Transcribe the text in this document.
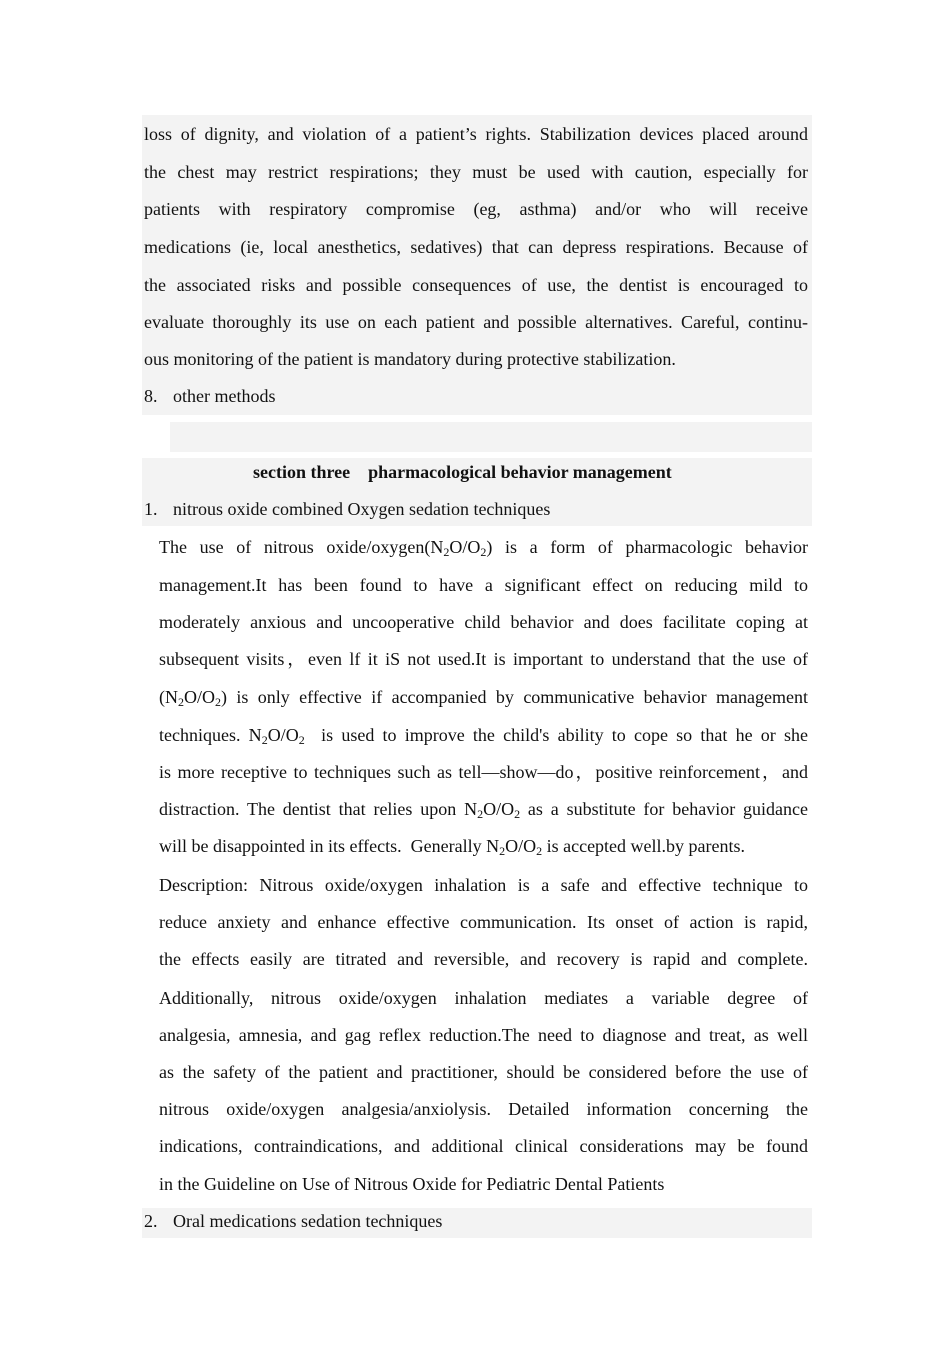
loss of dignity, and violation of a patient’s rights. Stabilization devices placed around
the chest may restrict respirations; they must be used with caution, especially for
patients with respiratory compromise (eg, asthma) and/or who will receive
medications (ie, local anesthetics, sedatives) that can depress respirations. Because of
the associated risks and possible consequences of use, the dentist is encouraged to
evaluate thoroughly its use on each patient and possible alternatives. Careful, continu-
ous monitoring of the patient is mandatory during protective stabilization.
8. other methods
section three    pharmacological behavior management
1. nitrous oxide combined Oxygen sedation techniques
The use of nitrous oxide/$oxygen(N_2O/O_2)$ is a form of pharmacologic behavior
management.It has been found to have a significant effect on reducing mild to
moderately anxious and uncooperative child behavior and does facilitate coping at
subsequent visits，even lf it iS not used.It is important to understand that the use of
$(N_2O/O_2)$ is only effective if accompanied by communicative behavior management
techniques. $N_2O/O_2$  is used to improve the child's ability to cope so that he or she
is more receptive to techniques such as tell—show—do，positive reinforcement，and
distraction. The dentist that relies upon $N_2O/O_2$ as a substitute for behavior guidance
will be disappointed in its effects.  Generally $N_2O/O_2$ is accepted well.by parents.
Description: Nitrous oxide/oxygen inhalation is a safe and effective technique to
reduce anxiety and enhance effective communication. Its onset of action is rapid,
the effects easily are titrated and reversible, and recovery is rapid and complete.
Additionally, nitrous oxide/oxygen inhalation mediates a variable degree of
analgesia, amnesia, and gag reflex reduction.The need to diagnose and treat, as well
as the safety of the patient and practitioner, should be considered before the use of
nitrous oxide/oxygen analgesia/anxiolysis. Detailed information concerning the
indications, contraindications, and additional clinical considerations may be found
in the Guideline on Use of Nitrous Oxide for Pediatric Dental Patients
2. Oral medications sedation techniques
